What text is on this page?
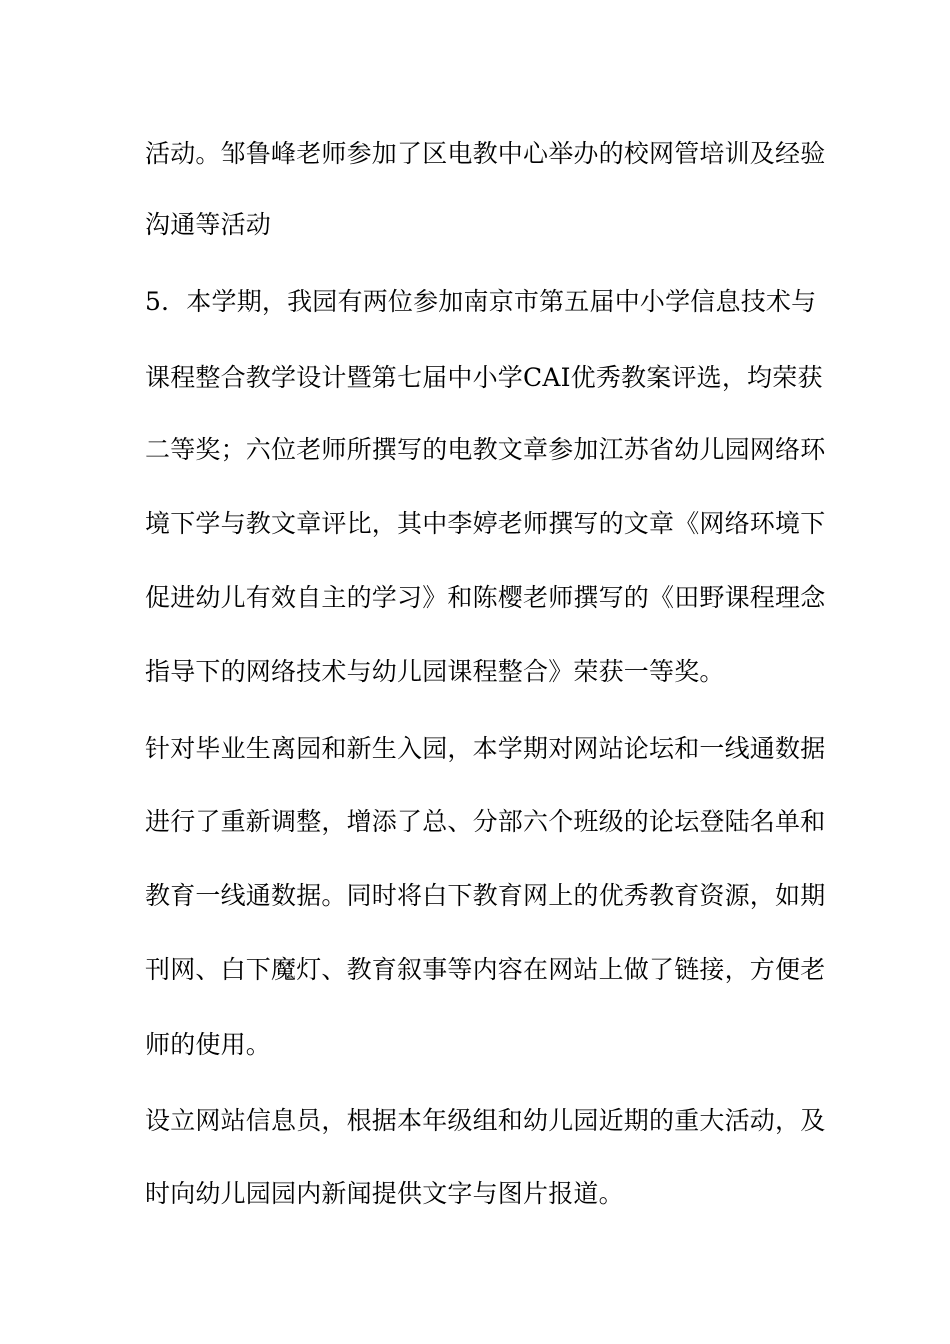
活动。邹鲁峰老师参加了区电教中心举办的校网管培训及经验
沟通等活动
5．本学期，我园有两位参加南京市第五届中小学信息技术与
课程整合教学设计暨第七届中小学CAI优秀教案评选，均荣获
二等奖；六位老师所撰写的电教文章参加江苏省幼儿园网络环
境下学与教文章评比，其中李婷老师撰写的文章《网络环境下
促进幼儿有效自主的学习》和陈樱老师撰写的《田野课程理念
指导下的网络技术与幼儿园课程整合》荣获一等奖。
针对毕业生离园和新生入园，本学期对网站论坛和一线通数据
进行了重新调整，增添了总、分部六个班级的论坛登陆名单和
教育一线通数据。同时将白下教育网上的优秀教育资源，如期
刊网、白下魔灯、教育叙事等内容在网站上做了链接，方便老
师的使用。
设立网站信息员，根据本年级组和幼儿园近期的重大活动，及
时向幼儿园园内新闻提供文字与图片报道。
